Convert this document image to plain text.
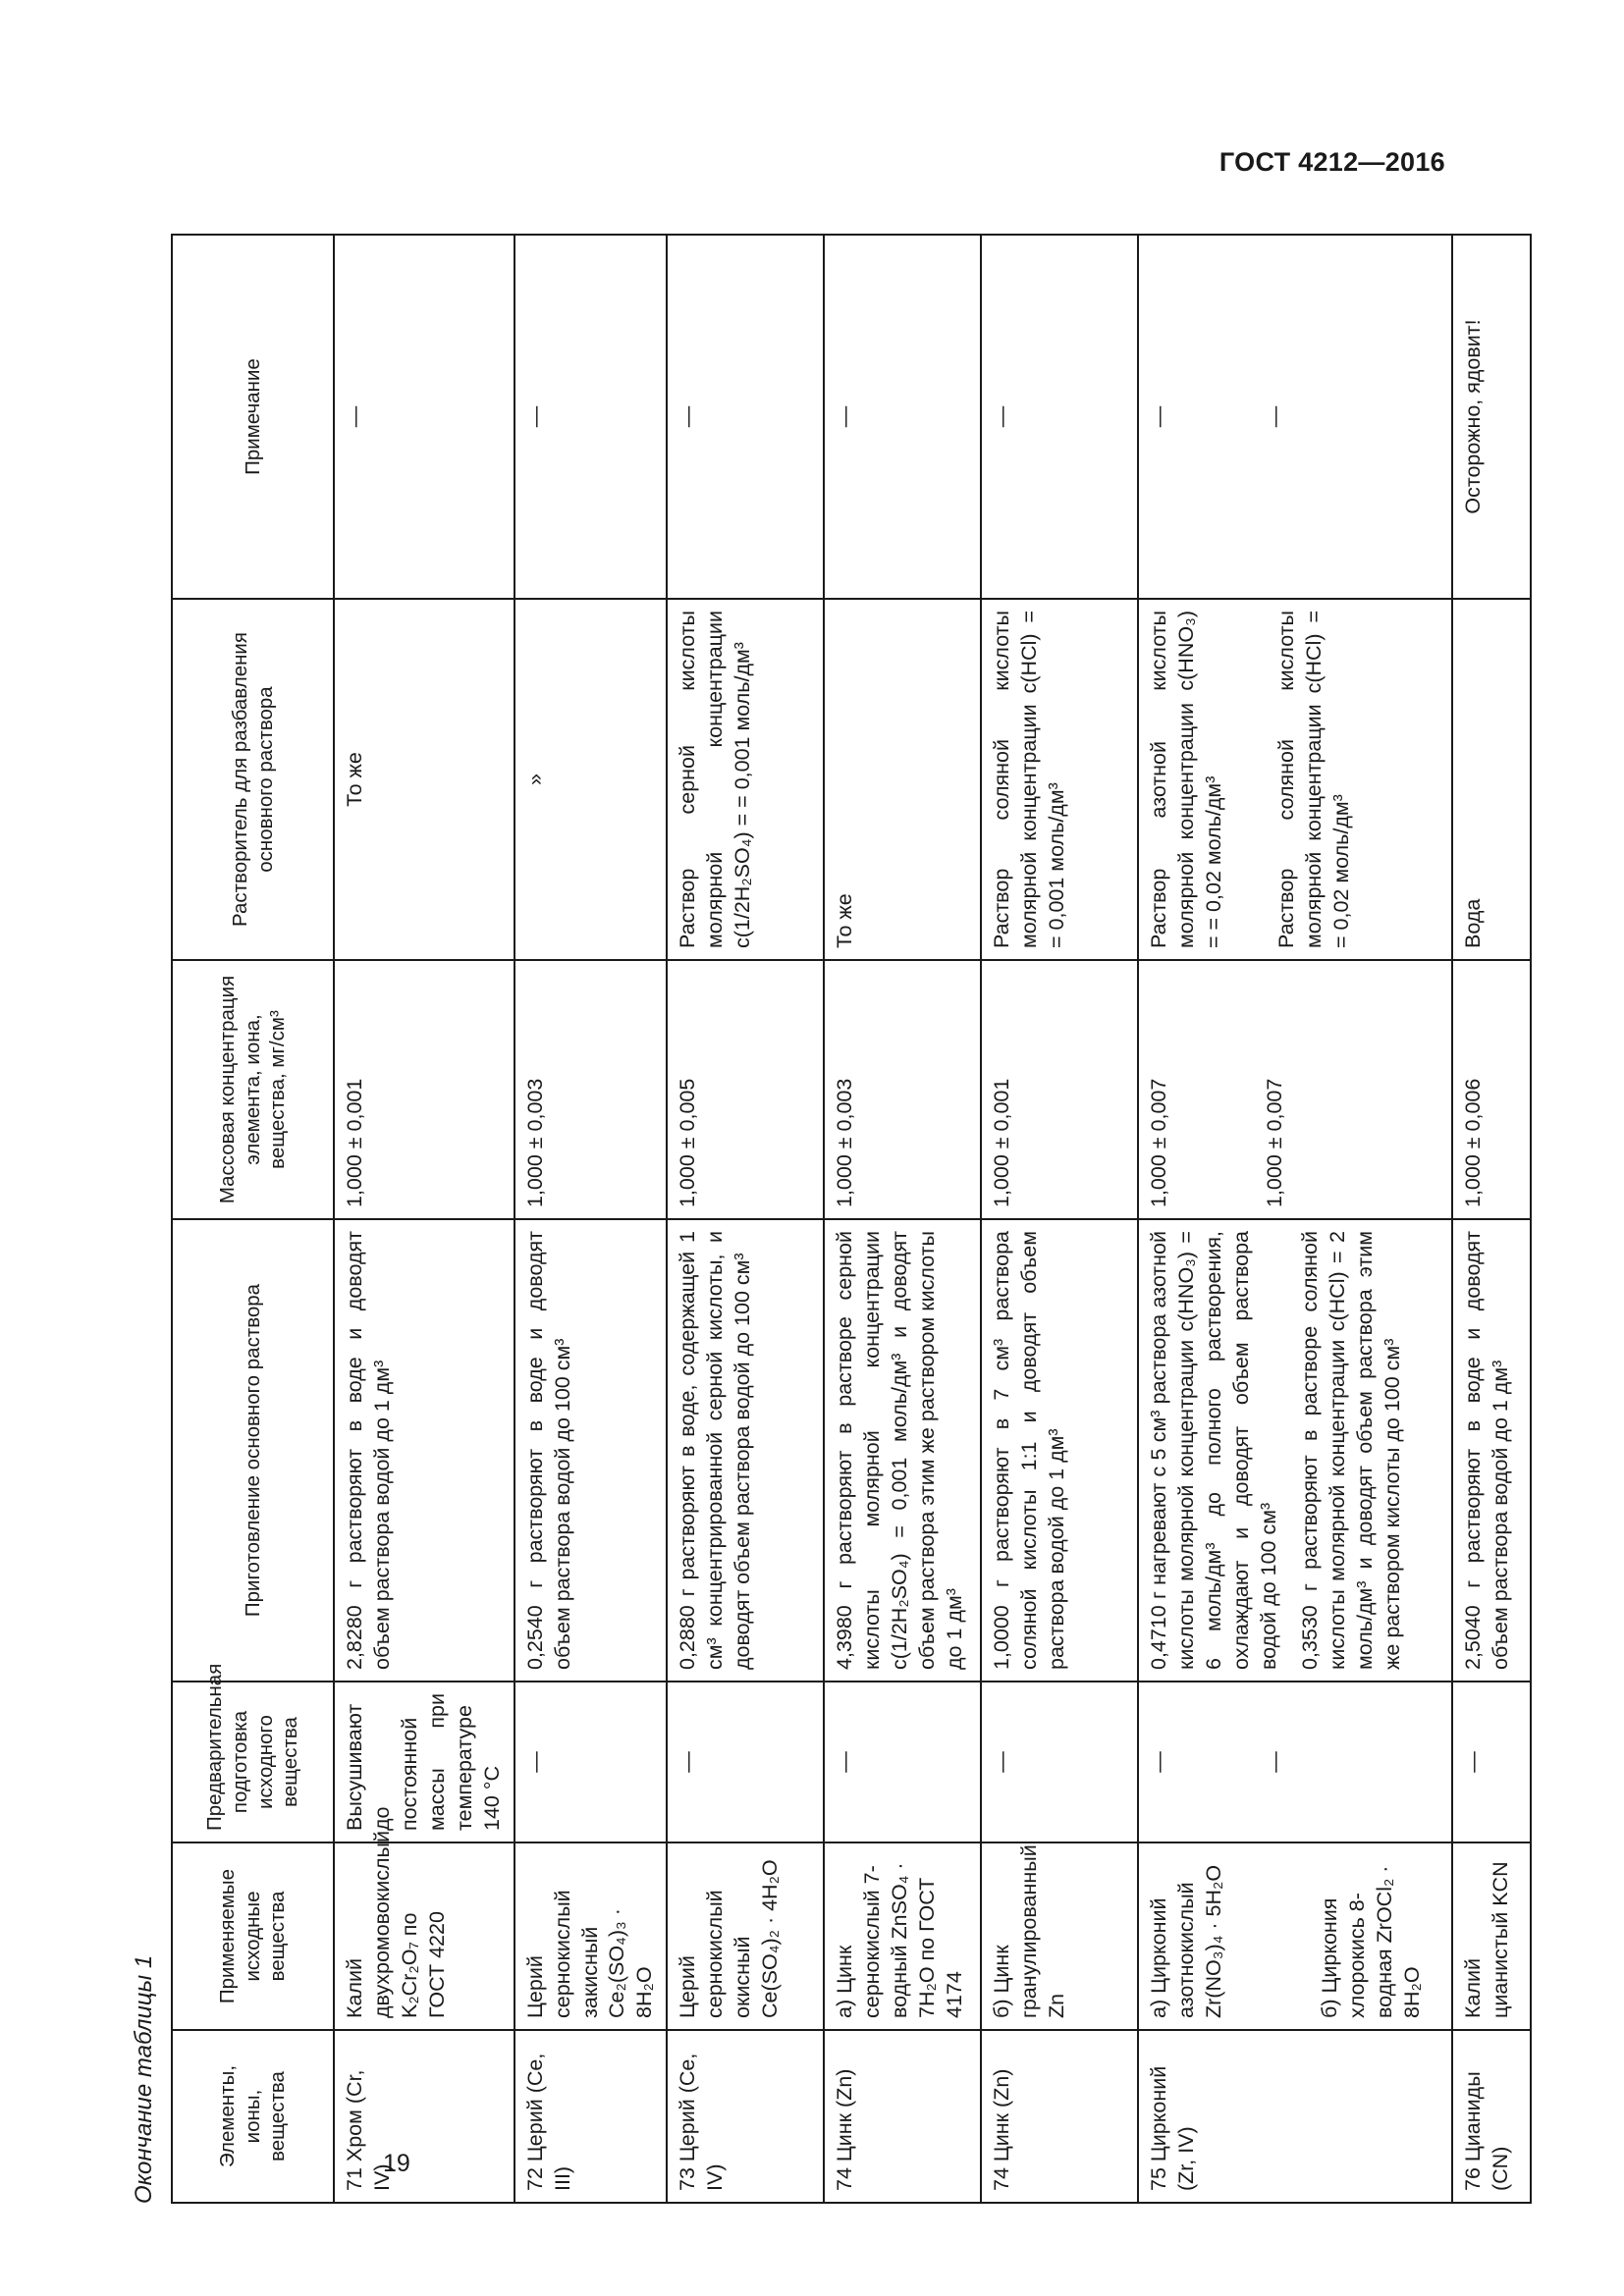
ГОСТ 4212—2016
Окончание таблицы 1	Элементы, ионы, вещества	Применяемые исходные вещества	Предварительная подготовка исходного вещества	Приготовление основного раствора	Массовая концентрация элемента, иона, вещества, мг/см³	Растворитель для разбавления основного раствора	Примечание
71 Хром (Cr, IV)	Калий двухромовокислый K₂Cr₂O₇ по ГОСТ 4220	Высушивают до постоянной массы при температуре 140 °С	2,8280 г растворяют в воде и доводят объем раствора водой до 1 дм³	1,000 ± 0,001	То же	—
72 Церий (Се, III)	Церий сернокислый закисный Ce₂(SO₄)₃ · 8H₂O	—	0,2540 г растворяют в воде и доводят объем раствора водой до 100 см³	1,000 ± 0,003	»	—
73 Церий (Се, IV)	Церий сернокислый окисный Ce(SO₄)₂ · 4H₂O	—	0,2880 г растворяют в воде, содержащей 1 см³ концентрированной серной кислоты, и доводят объем раствора водой до 100 см³	1,000 ± 0,005	Раствор серной кислоты молярной концентрации c(1/2H₂SO₄) = = 0,001 моль/дм³	—
74 Цинк (Zn)	а) Цинк сернокислый 7-водный ZnSO₄ · 7H₂O по ГОСТ 4174	—	4,3980 г растворяют в растворе серной кислоты молярной концентрации c(1/2H₂SO₄) = 0,001 моль/дм³ и доводят объем раствора этим же раствором кислоты до 1 дм³	1,000 ± 0,003	То же	—
74 Цинк (Zn)	б) Цинк гранулированный Zn	—	1,0000 г растворяют в 7 см³ раствора соляной кислоты 1:1 и доводят объем раствора водой до 1 дм³	1,000 ± 0,001	Раствор соляной кислоты молярной концентрации c(HCl) = = 0,001 моль/дм³	—
75 Цирконий (Zr, IV)	а) Цирконий азотнокислый Zr(NO₃)₄ · 5H₂O б) Циркония хлорокись 8-водная ZrOCl₂ · 8H₂O	— —	0,4710 г нагревают с 5 см³ раствора азотной кислоты молярной концентрации c(HNO₃) = 6 моль/дм³ до полного растворения, охлаждают и доводят объем раствора водой до 100 см³ 0,3530 г растворяют в растворе соляной кислоты молярной концентрации c(HCl) = 2 моль/дм³ и доводят объем раствора этим же раствором кислоты до 100 см³	1,000 ± 0,007 1,000 ± 0,007	Раствор азотной кислоты молярной концентрации c(HNO₃) = = 0,02 моль/дм³ Раствор соляной кислоты молярной концентрации c(HCl) = = 0,02 моль/дм³	— —

76 Цианиды (CN)	Калий цианистый KCN	—	2,5040 г растворяют в воде и доводят объем раствора водой до 1 дм³	1,000 ± 0,006	Вода	Осторожно, ядовит!
19
